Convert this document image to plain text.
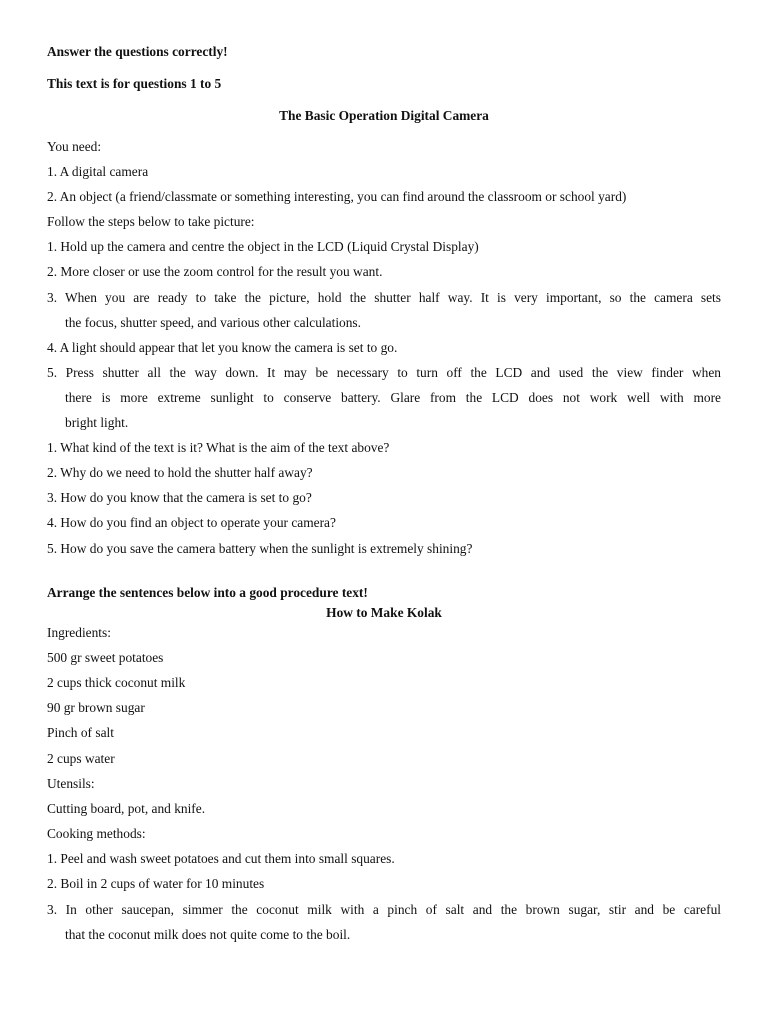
Answer the questions correctly!
This text is for questions 1 to 5
The Basic Operation Digital Camera
You need:
1. A digital camera
2. An object (a friend/classmate or something interesting, you can find around the classroom or school yard)
Follow the steps below to take picture:
1. Hold up the camera and centre the object in the LCD (Liquid Crystal Display)
2. More closer or use the zoom control for the result you want.
3. When you are ready to take the picture, hold the shutter half way. It is very important, so the camera sets
the focus, shutter speed, and various other calculations.
4. A light should appear that let you know the camera is set to go.
5. Press shutter all the way down. It may be necessary to turn off the LCD and used the view finder when
there is more extreme sunlight to conserve battery. Glare from the LCD does not work well with more
bright light.
1. What kind of the text is it? What is the aim of the text above?
2. Why do we need to hold the shutter half away?
3. How do you know that the camera is set to go?
4. How do you find an object to operate your camera?
5. How do you save the camera battery when the sunlight is extremely shining?
Arrange the sentences below into a good procedure text!
How to Make Kolak
Ingredients:
500 gr sweet potatoes
2 cups thick coconut milk
90 gr brown sugar
Pinch of salt
2 cups water
Utensils:
Cutting board, pot, and knife.
Cooking methods:
1. Peel and wash sweet potatoes and cut them into small squares.
2. Boil in 2 cups of water for 10 minutes
3. In other saucepan, simmer the coconut milk with a pinch of salt and the brown sugar, stir and be careful
that the coconut milk does not quite come to the boil.
